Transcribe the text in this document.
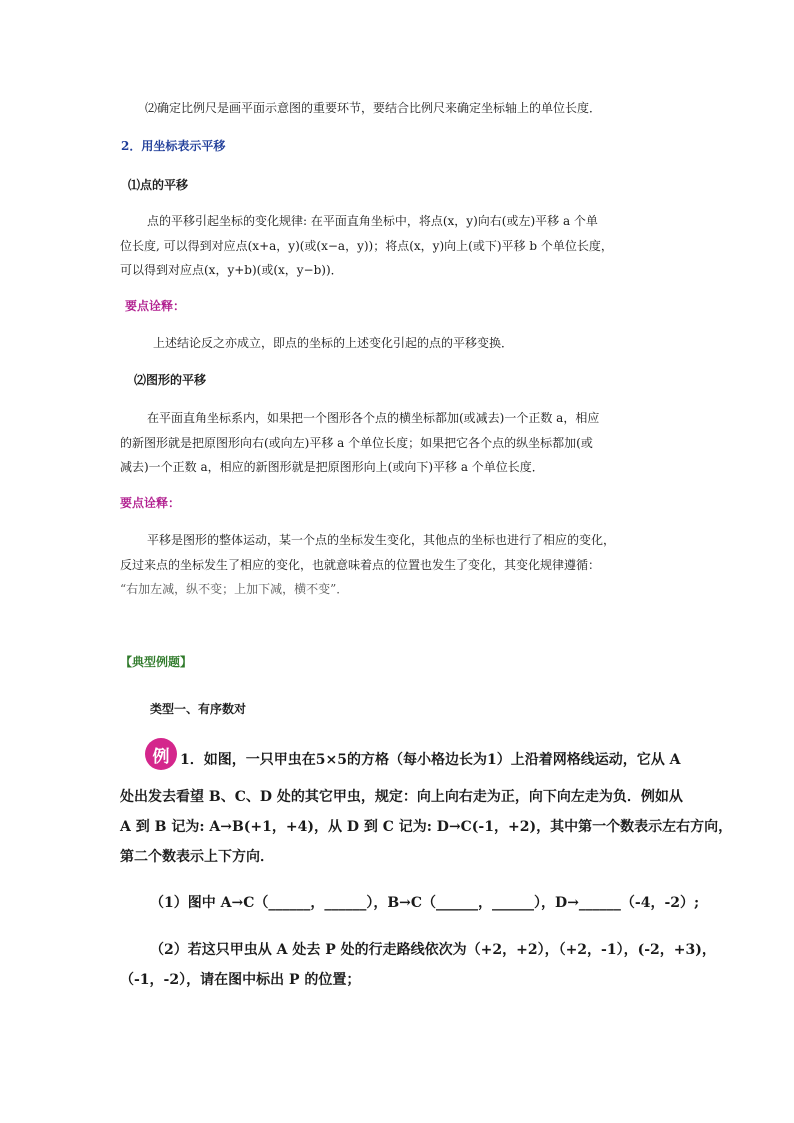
⑵确定比例尺是画平面示意图的重要环节，要结合比例尺来确定坐标轴上的单位长度．
2．用坐标表示平移
⑴点的平移
点的平移引起坐标的变化规律: 在平面直角坐标中，将点(x，y)向右(或左)平移 a 个单
位长度, 可以得到对应点(x+a，y)(或(x−a，y))；将点(x，y)向上(或下)平移 b 个单位长度，
可以得到对应点(x，y+b)(或(x，y−b))．
要点诠释：
上述结论反之亦成立，即点的坐标的上述变化引起的点的平移变换．
⑵图形的平移
在平面直角坐标系内，如果把一个图形各个点的横坐标都加(或减去)一个正数 a，相应
的新图形就是把原图形向右(或向左)平移 a 个单位长度；如果把它各个点的纵坐标都加(或
减去)一个正数 a，相应的新图形就是把原图形向上(或向下)平移 a 个单位长度．
要点诠释：
平移是图形的整体运动，某一个点的坐标发生变化，其他点的坐标也进行了相应的变化，
反过来点的坐标发生了相应的变化，也就意味着点的位置也发生了变化，其变化规律遵循：
“右加左减，纵不变；上加下减，横不变”．
【典型例题】
类型一、有序数对
例 1．如图，一只甲虫在5×5的方格（每小格边长为1）上沿着网格线运动，它从 A
处出发去看望 B、C、D 处的其它甲虫，规定：向上向右走为正，向下向左走为负．例如从
A 到 B 记为: A→B(+1，+4)，从 D 到 C 记为: D→C(-1，+2)，其中第一个数表示左右方向，
第二个数表示上下方向．
（1）图中 A→C（______，______），B→C（______，______），D→______（-4，-2）;
（2）若这只甲虫从 A 处去 P 处的行走路线依次为（+2，+2），（+2，-1），(-2，+3)，
（-1，-2），请在图中标出 P 的位置；
